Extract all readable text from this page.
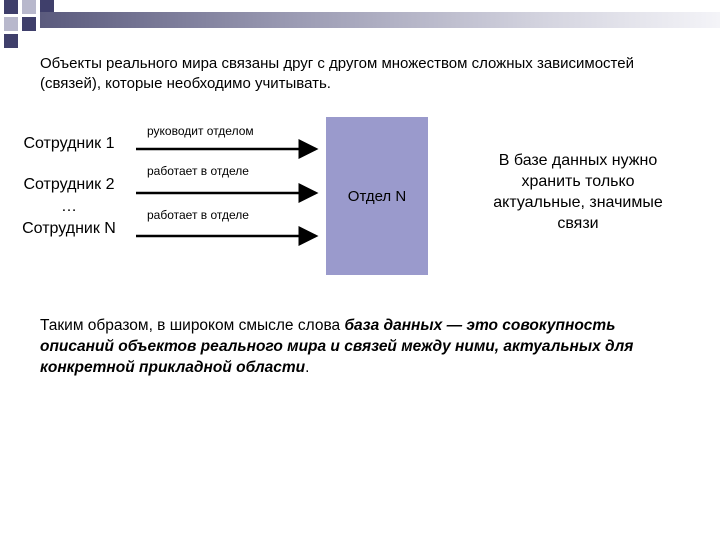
Объекты реального мира связаны друг с другом множеством сложных зависимостей (связей), которые необходимо учитывать.
Сотрудник 1
Сотрудник 2
…
Сотрудник N
руководит отделом
работает в отделе
работает в отделе
Отдел N
В базе данных нужно хранить только актуальные, значимые связи
Таким образом, в широком смысле слова база данных — это совокупность описаний объектов реального мира и связей между ними, актуальных для конкретной прикладной области.
